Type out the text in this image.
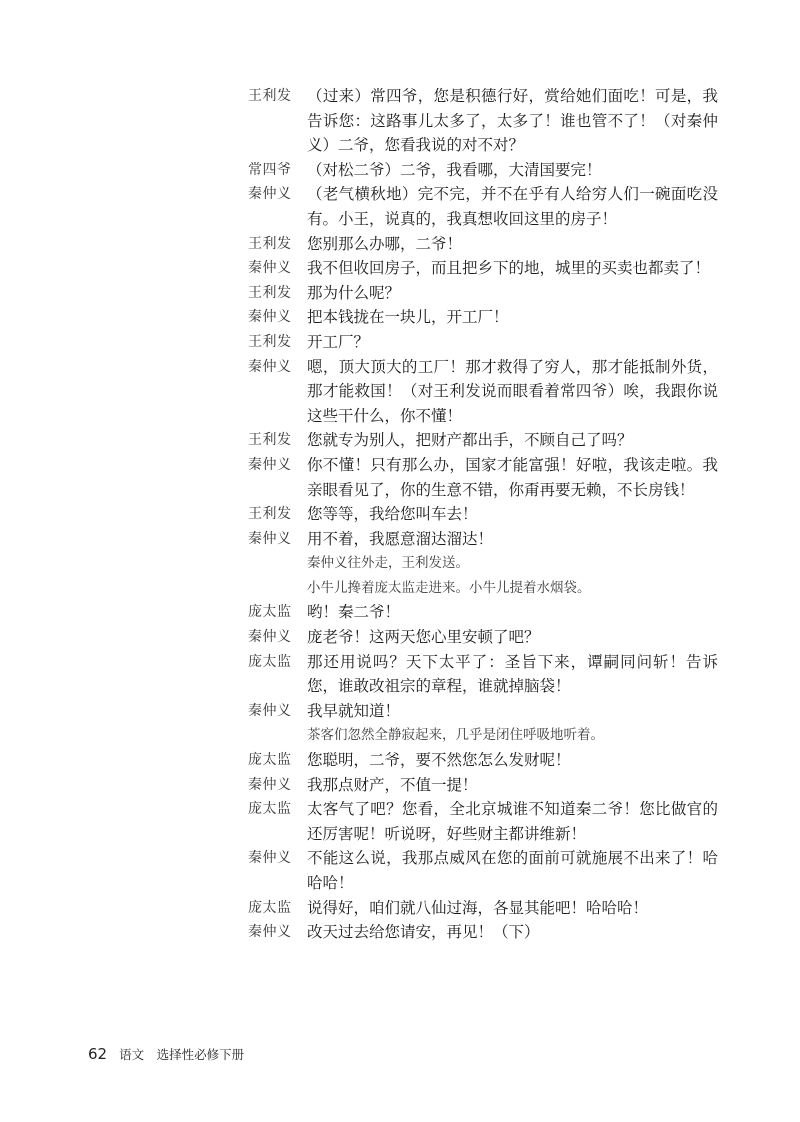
王利发	（过来）常四爷，您是积德行好，赏给她们面吃！可是，我告诉您：这路事儿太多了，太多了！谁也管不了！（对秦仲义）二爷，您看我说的对不对？
常四爷	（对松二爷）二爷，我看哪，大清国要完！
秦仲义	（老气横秋地）完不完，并不在乎有人给穷人们一碗面吃没有。小王，说真的，我真想收回这里的房子！
王利发	您别那么办哪，二爷！
秦仲义	我不但收回房子，而且把乡下的地，城里的买卖也都卖了！
王利发	那为什么呢？
秦仲义	把本钱拢在一块儿，开工厂！
王利发	开工厂？
秦仲义	嗯，顶大顶大的工厂！那才救得了穷人，那才能抵制外货，那才能救国！（对王利发说而眼看着常四爷）唉，我跟你说这些干什么，你不懂！
王利发	您就专为别人，把财产都出手，不顾自己了吗？
秦仲义	你不懂！只有那么办，国家才能富强！好啦，我该走啦。我亲眼看见了，你的生意不错，你甭再要无赖，不长房钱！
王利发	您等等，我给您叫车去！
秦仲义	用不着，我愿意溜达溜达！
秦仲义往外走，王利发送。
小牛儿搀着庞太监走进来。小牛儿提着水烟袋。
庞太监	哟！秦二爷！
秦仲义	庞老爷！这两天您心里安顿了吧？
庞太监	那还用说吗？天下太平了：圣旨下来，谭嗣同问斩！告诉您，谁敢改祖宗的章程，谁就掉脑袋！
秦仲义	我早就知道！
茶客们忽然全静寂起来，几乎是闭住呼吸地听着。
庞太监	您聪明，二爷，要不然您怎么发财呢！
秦仲义	我那点财产，不值一提！
庞太监	太客气了吧？您看，全北京城谁不知道秦二爷！您比做官的还厉害呢！听说呀，好些财主都讲维新！
秦仲义	不能这么说，我那点威风在您的面前可就施展不出来了！哈哈哈！
庞太监	说得好，咱们就八仙过海，各显其能吧！哈哈哈！
秦仲义	改天过去给您请安，再见！（下）
62 语文　选择性必修下册
